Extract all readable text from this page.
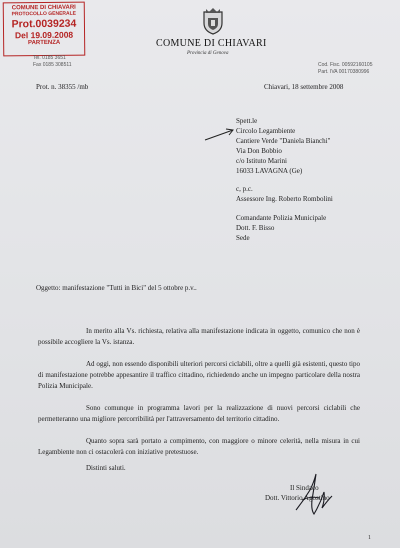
COMUNE DI CHIAVARI
PROTOCOLLO GENERALE
Prot.0039234
Del 19.09.2008
PARTENZA	COMUNE DI CHIAVARI
Provincia di Genova
Tel. 0185 3651
Fax 0185 308511	Cod. Fisc. 00592160105
Part. IVA 00170380996
Prot. n. 38355 /mb	Chiavari, 18 settembre 2008
Spett.le
Circolo Legambiente
Cantiere Verde "Daniela Bianchi"
Via Don Bobbio
c/o Istituto Marini
16033 LAVAGNA (Ge)
c, p.c.
Assessore Ing. Roberto Rombolini
Comandante Polizia Municipale
Dott. F. Bisso
Sede
Oggetto: manifestazione "Tutti in Bici" del 5 ottobre p.v..
In merito alla Vs. richiesta, relativa alla manifestazione indicata in oggetto, comunico che non è possibile accogliere la Vs. istanza.
Ad oggi, non essendo disponibili ulteriori percorsi ciclabili, oltre a quelli già esistenti, questo tipo di manifestazione potrebbe appesantire il traffico cittadino, richiedendo anche un impegno particolare della nostra Polizia Municipale.
Sono comunque in programma lavori per la realizzazione di nuovi percorsi ciclabili che permetteranno una migliore percorribilità per l'attraversamento del territorio cittadino.
Quanto sopra sarà portato a compimento, con maggiore o minore celerità, nella misura in cui Legambiente non ci ostacolerà con iniziative pretestuose.
Distinti saluti.
Il Sindaco
Dott. Vittorio Agostino
1
